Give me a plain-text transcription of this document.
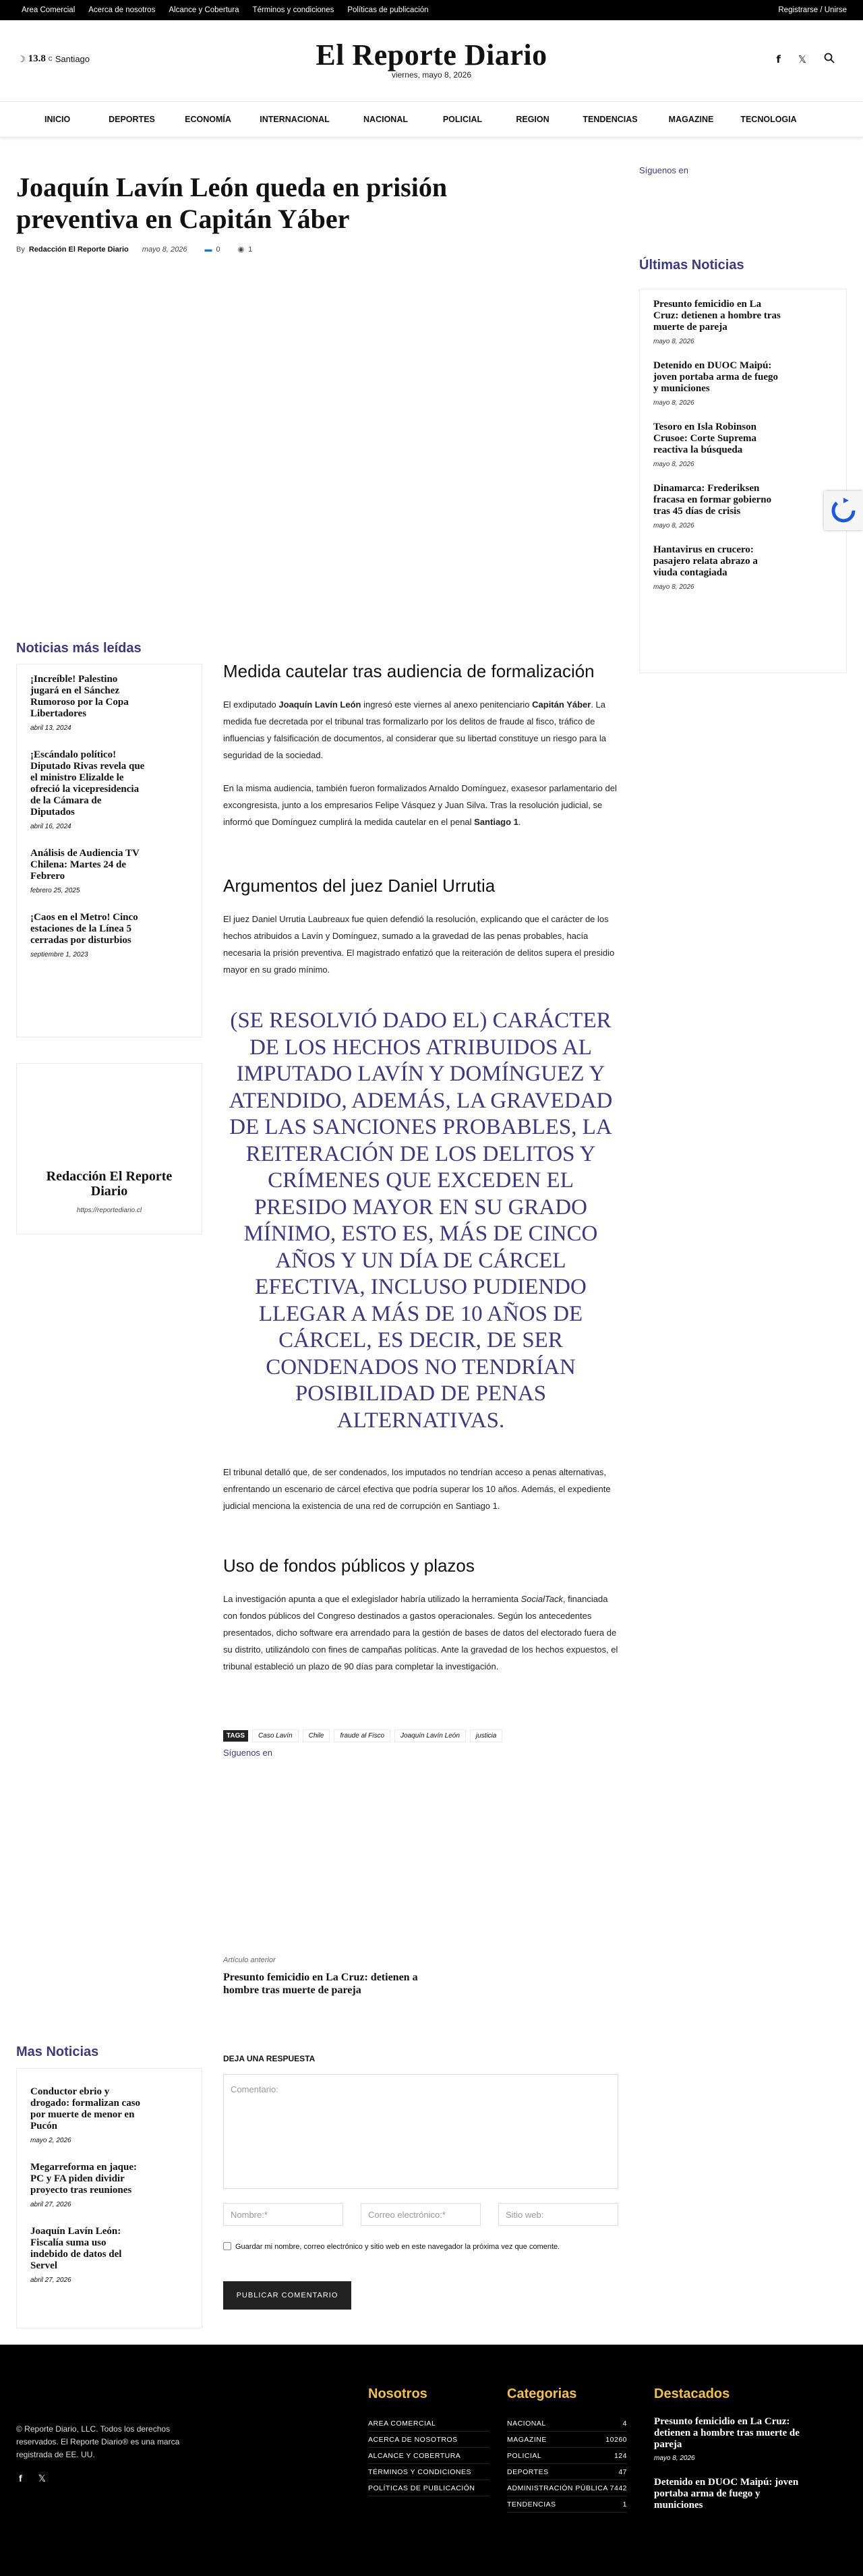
Area Comercial Acerca de nosotros Alcance y Cobertura Términos y condiciones Políticas de publicación	Registrarse / Unirse
☽ 13.8 C Santiago	El Reporte Diario
viernes, mayo 8, 2026
f 𝕏
INICIO	DEPORTES	ECONOMÍA	INTERNACIONAL	NACIONAL	POLICIAL	REGION	TENDENCIAS	MAGAZINE	TECNOLOGIA
Joaquín Lavín León queda en prisión preventiva en Capitán Yáber
By Redacción El Reporte Diario mayo 8, 2026 ▬ 0 ◉ 1
Síguenos en
Últimas Noticias
Presunto femicidio en La Cruz: detienen a hombre tras muerte de pareja
mayo 8, 2026
Detenido en DUOC Maipú: joven portaba arma de fuego y municiones
mayo 8, 2026
Tesoro en Isla Robinson Crusoe: Corte Suprema reactiva la búsqueda
mayo 8, 2026
Dinamarca: Frederiksen fracasa en formar gobierno tras 45 días de crisis
mayo 8, 2026
Hantavirus en crucero: pasajero relata abrazo a viuda contagiada
mayo 8, 2026
Noticias más leídas
¡Increíble! Palestino jugará en el Sánchez Rumoroso por la Copa Libertadores
abril 13, 2024
¡Escándalo político! Diputado Rivas revela que el ministro Elizalde le ofreció la vicepresidencia de la Cámara de Diputados
abril 16, 2024
Análisis de Audiencia TV Chilena: Martes 24 de Febrero
febrero 25, 2025
¡Caos en el Metro! Cinco estaciones de la Línea 5 cerradas por disturbios
septiembre 1, 2023
Redacción El Reporte Diario
https://reportediario.cl
Medida cautelar tras audiencia de formalización

El exdiputado Joaquín Lavín León ingresó este viernes al anexo penitenciario Capitán Yáber. La medida fue decretada por el tribunal tras formalizarlo por los delitos de fraude al fisco, tráfico de influencias y falsificación de documentos, al considerar que su libertad constituye un riesgo para la seguridad de la sociedad.

En la misma audiencia, también fueron formalizados Arnaldo Domínguez, exasesor parlamentario del excongresista, junto a los empresarios Felipe Vásquez y Juan Silva. Tras la resolución judicial, se informó que Domínguez cumplirá la medida cautelar en el penal Santiago 1.

Argumentos del juez Daniel Urrutia

El juez Daniel Urrutia Laubreaux fue quien defendió la resolución, explicando que el carácter de los hechos atribuidos a Lavín y Domínguez, sumado a la gravedad de las penas probables, hacía necesaria la prisión preventiva. El magistrado enfatizó que la reiteración de delitos supera el presidio mayor en su grado mínimo.

(SE RESOLVIÓ DADO EL) CARÁCTER DE LOS HECHOS ATRIBUIDOS AL IMPUTADO LAVÍN Y DOMÍNGUEZ Y ATENDIDO, ADEMÁS, LA GRAVEDAD DE LAS SANCIONES PROBABLES, LA REITERACIÓN DE LOS DELITOS Y CRÍMENES QUE EXCEDEN EL PRESIDO MAYOR EN SU GRADO MÍNIMO, ESTO ES, MÁS DE CINCO AÑOS Y UN DÍA DE CÁRCEL EFECTIVA, INCLUSO PUDIENDO LLEGAR A MÁS DE 10 AÑOS DE CÁRCEL, ES DECIR, DE SER CONDENADOS NO TENDRÍAN POSIBILIDAD DE PENAS ALTERNATIVAS.

El tribunal detalló que, de ser condenados, los imputados no tendrían acceso a penas alternativas, enfrentando un escenario de cárcel efectiva que podría superar los 10 años. Además, el expediente judicial menciona la existencia de una red de corrupción en Santiago 1.

Uso de fondos públicos y plazos

La investigación apunta a que el exlegislador habría utilizado la herramienta SocialTack, financiada con fondos públicos del Congreso destinados a gastos operacionales. Según los antecedentes presentados, dicho software era arrendado para la gestión de bases de datos del electorado fuera de su distrito, utilizándolo con fines de campañas políticas. Ante la gravedad de los hechos expuestos, el tribunal estableció un plazo de 90 días para completar la investigación.

TAGS	Caso Lavín	Chile	fraude al Fisco	Joaquín Lavín León	justicia
Síguenos en
Artículo anterior
Presunto femicidio en La Cruz: detienen a hombre tras muerte de pareja
Mas Noticias
Conductor ebrio y drogado: formalizan caso por muerte de menor en Pucón
mayo 2, 2026
Megarreforma en jaque: PC y FA piden dividir proyecto tras reuniones
abril 27, 2026
Joaquín Lavín León: Fiscalía suma uso indebido de datos del Servel
abril 27, 2026
DEJA UNA RESPUESTA
Comentario:
Nombre:*	Correo electrónico:*	Sitio web:
Guardar mi nombre, correo electrónico y sitio web en este navegador la próxima vez que comente.
PUBLICAR COMENTARIO
© Reporte Diario, LLC. Todos los derechos reservados. El Reporte Diario® es una marca registrada de EE. UU.
f 𝕏
Nosotros
AREA COMERCIAL
ACERCA DE NOSOTROS
ALCANCE Y COBERTURA
TÉRMINOS Y CONDICIONES
POLÍTICAS DE PUBLICACIÓN
Categorias
NACIONAL	4
MAGAZINE	10260
POLICIAL	124
DEPORTES	47
ADMINISTRACIÓN PÚBLICA 7442
TENDENCIAS	1
Destacados
Presunto femicidio en La Cruz: detienen a hombre tras muerte de pareja
mayo 8, 2026
Detenido en DUOC Maipú: joven portaba arma de fuego y municiones
